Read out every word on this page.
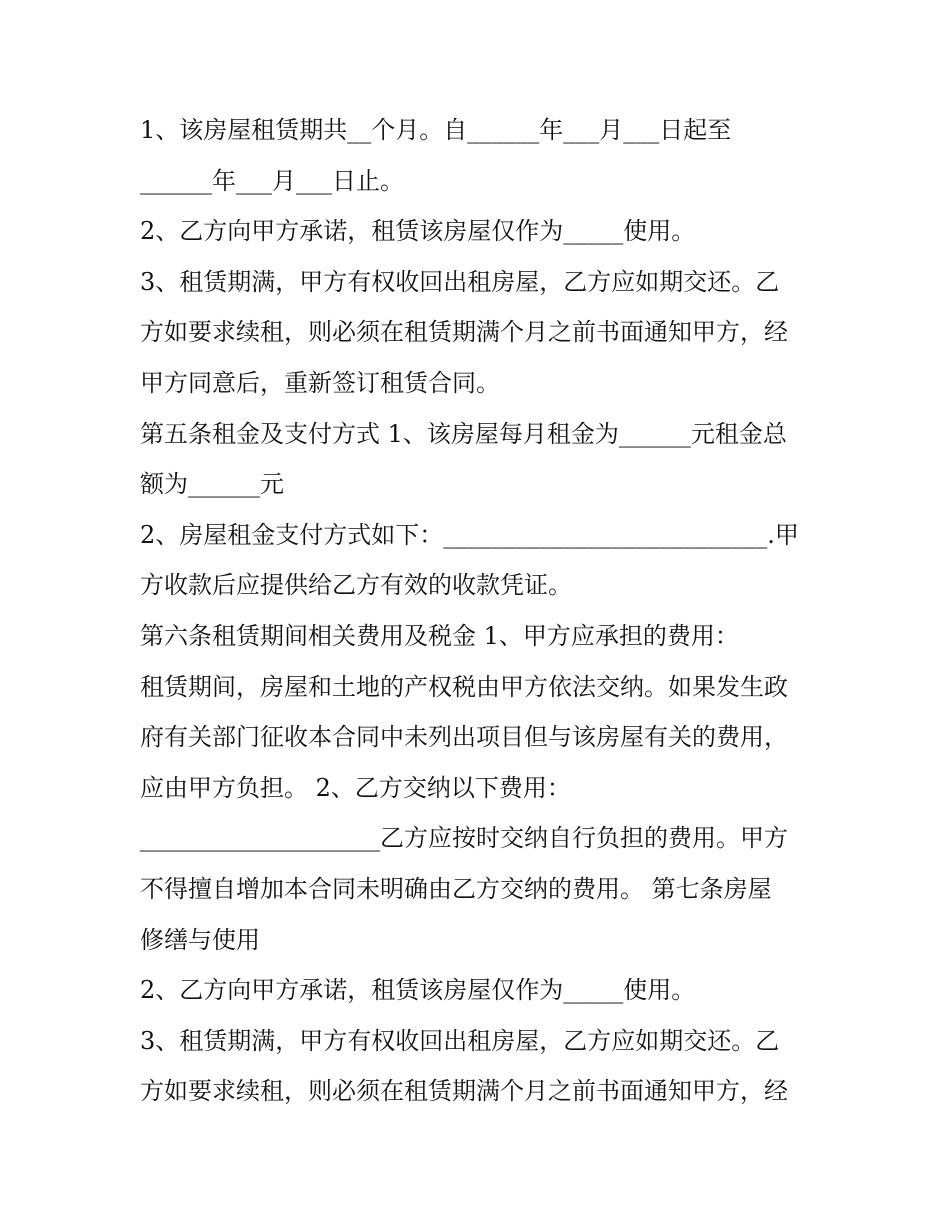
1、该房屋租赁期共__个月。自______年___月___日起至
______年___月___日止。
2、乙方向甲方承诺，租赁该房屋仅作为_____使用。
3、租赁期满，甲方有权收回出租房屋，乙方应如期交还。乙
方如要求续租，则必须在租赁期满个月之前书面通知甲方，经
甲方同意后，重新签订租赁合同。
第五条租金及支付方式 1、该房屋每月租金为______元租金总
额为______元
2、房屋租金支付方式如下：___________________________.甲
方收款后应提供给乙方有效的收款凭证。
第六条租赁期间相关费用及税金 1、甲方应承担的费用：
租赁期间，房屋和土地的产权税由甲方依法交纳。如果发生政
府有关部门征收本合同中未列出项目但与该房屋有关的费用，
应由甲方负担。 2、乙方交纳以下费用：
____________________乙方应按时交纳自行负担的费用。甲方
不得擅自增加本合同未明确由乙方交纳的费用。 第七条房屋
修缮与使用
2、乙方向甲方承诺，租赁该房屋仅作为_____使用。
3、租赁期满，甲方有权收回出租房屋，乙方应如期交还。乙
方如要求续租，则必须在租赁期满个月之前书面通知甲方，经
